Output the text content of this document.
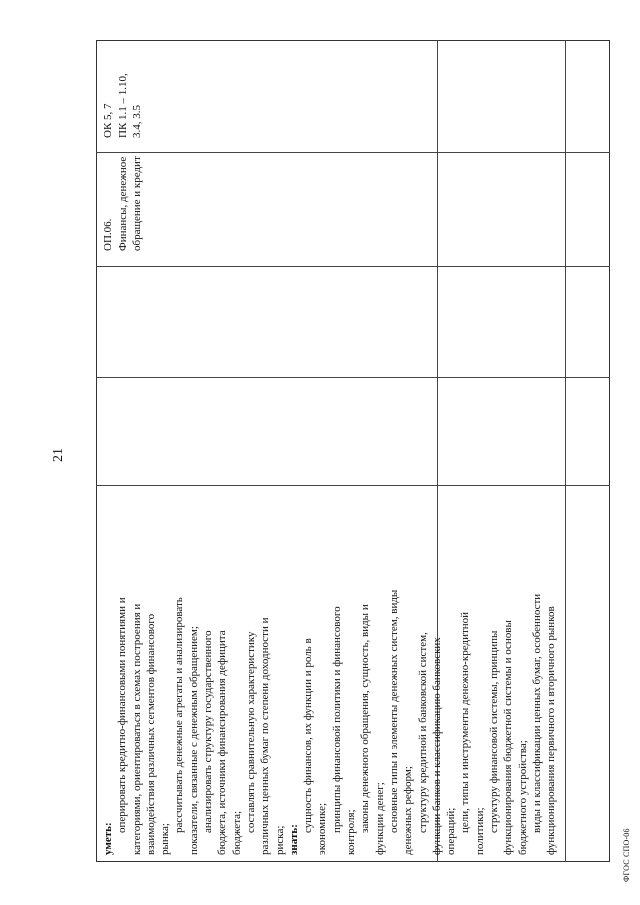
21
ФГОС СПО-06
уметь:
оперировать кредитно-финансовыми понятиями и категориями, ориентироваться в схемах построения и взаимодействия различных сегментов финансового рынка;
рассчитывать денежные агрегаты и анализировать показатели, связанные с денежным обращением; анализировать структуру государственного бюджета, источники финансирования дефицита бюджета; составлять сравнительную характеристику различных ценных бумаг по степени доходности и риска; знать:
сущность финансов, их функции и роль в экономике; принципы финансовой политики и финансового контроля; законы денежного обращения, сущность, виды и функции денег; основные типы и элементы денежных систем, виды денежных реформ; структуру кредитной и банковской систем, функции банков и классификацию банковских операций; цели, типы и инструменты денежно-кредитной политики; структуру финансовой системы, принципы функционирования бюджетной системы и основы бюджетного устройства; виды и классификации ценных бумаг, особенности функционирования первичного и вторичного рынков
ОП.06. Финансы, денежное обращение и кредит
ОК 5, 7 ПК 1.1 – 1.10, 3.4, 3.5
